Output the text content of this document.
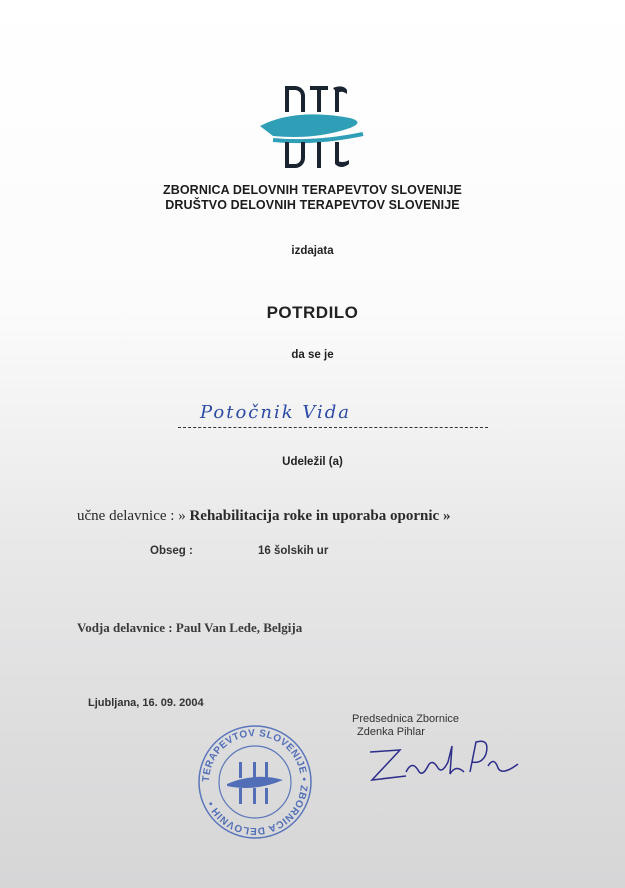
ZBORNICA DELOVNIH TERAPEVTOV SLOVENIJE
DRUŠTVO DELOVNIH TERAPEVTOV SLOVENIJE
izdajata
POTRDILO
da se je
Potočnik Vida
Udeležil (a)
učne delavnice : » Rehabilitacija roke in uporaba opornic »
Obseg :	16 šolskih ur
Vodja delavnice : Paul Van Lede, Belgija
Ljubljana, 16. 09. 2004
Predsednica Zbornice
Zdenka Pihlar
TERAPEVTOV SLOVENIJE • ZBORNICA DELOVNIH •
